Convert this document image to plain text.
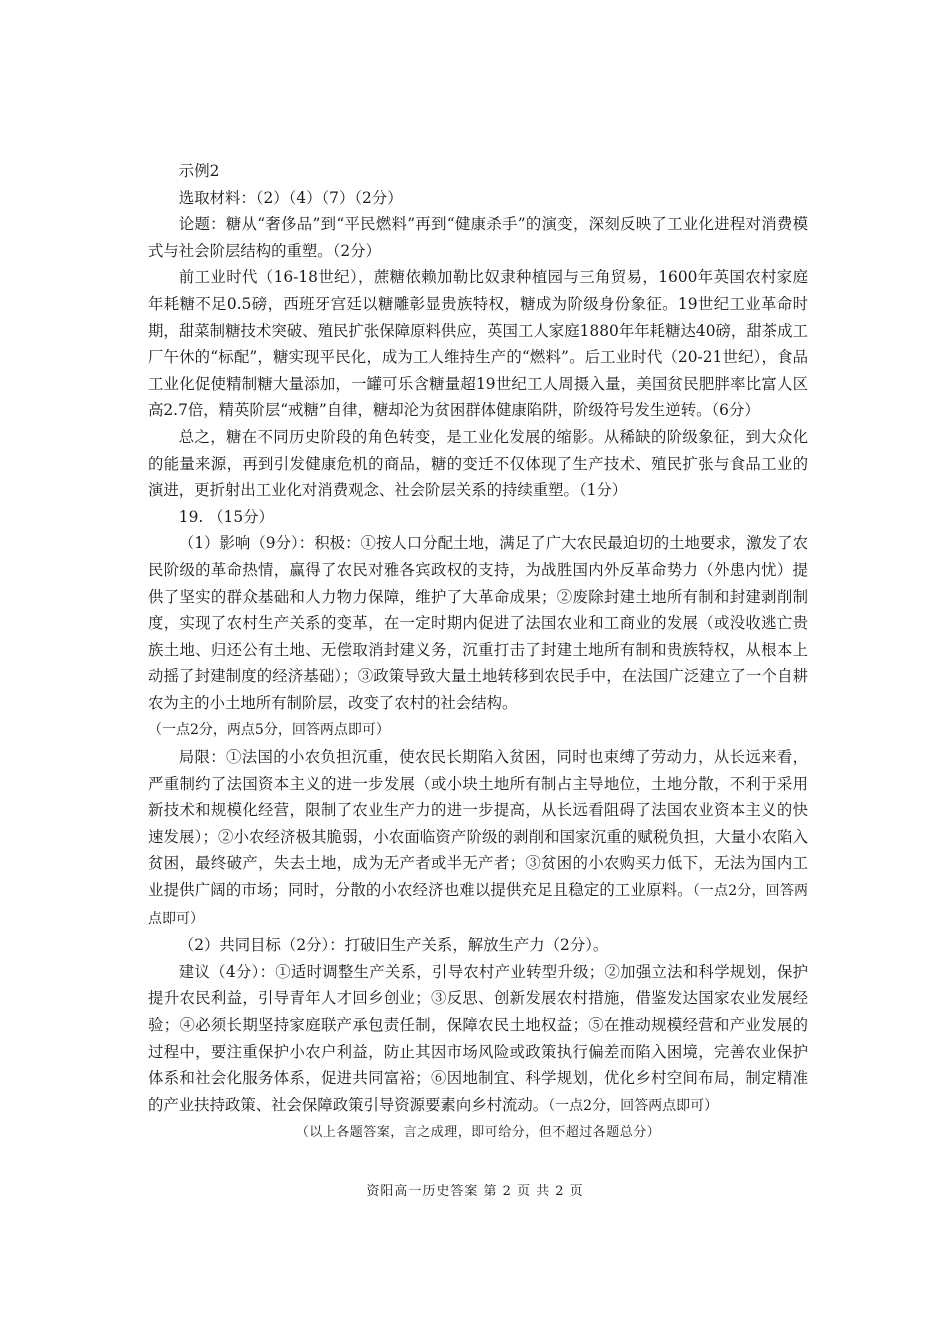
示例2

选取材料：（2）（4）（7）（2分）

论题：糖从“奢侈品”到“平民燃料”再到“健康杀手”的演变，深刻反映了工业化进程对消费模式与社会阶层结构的重塑。（2分）

前工业时代（16-18世纪），蔗糖依赖加勒比奴隶种植园与三角贸易，1600年英国农村家庭年耗糖不足0.5磅，西班牙宫廷以糖雕彰显贵族特权，糖成为阶级身份象征。19世纪工业革命时期，甜菜制糖技术突破、殖民扩张保障原料供应，英国工人家庭1880年年耗糖达40磅，甜茶成工厂午休的“标配”，糖实现平民化，成为工人维持生产的“燃料”。后工业时代（20-21世纪），食品工业化促使精制糖大量添加，一罐可乐含糖量超19世纪工人周摄入量，美国贫民肥胖率比富人区高2.7倍，精英阶层“戒糖”自律，糖却沦为贫困群体健康陷阱，阶级符号发生逆转。（6分）

总之，糖在不同历史阶段的角色转变，是工业化发展的缩影。从稀缺的阶级象征，到大众化的能量来源，再到引发健康危机的商品，糖的变迁不仅体现了生产技术、殖民扩张与食品工业的演进，更折射出工业化对消费观念、社会阶层关系的持续重塑。（1分）

19. （15分）

（1）影响（9分）：积极：①按人口分配土地，满足了广大农民最迫切的土地要求，激发了农民阶级的革命热情，赢得了农民对雅各宾政权的支持，为战胜国内外反革命势力（外患内忧）提供了坚实的群众基础和人力物力保障，维护了大革命成果；②废除封建土地所有制和封建剥削制度，实现了农村生产关系的变革，在一定时期内促进了法国农业和工商业的发展（或没收逃亡贵族土地、归还公有土地、无偿取消封建义务，沉重打击了封建土地所有制和贵族特权，从根本上动摇了封建制度的经济基础）；③政策导致大量土地转移到农民手中，在法国广泛建立了一个自耕农为主的小土地所有制阶层，改变了农村的社会结构。
（一点2分，两点5分，回答两点即可）

局限：①法国的小农负担沉重，使农民长期陷入贫困，同时也束缚了劳动力，从长远来看，严重制约了法国资本主义的进一步发展（或小块土地所有制占主导地位，土地分散，不利于采用新技术和规模化经营，限制了农业生产力的进一步提高，从长远看阻碍了法国农业资本主义的快速发展）；②小农经济极其脆弱，小农面临资产阶级的剥削和国家沉重的赋税负担，大量小农陷入贫困，最终破产，失去土地，成为无产者或半无产者；③贫困的小农购买力低下，无法为国内工业提供广阔的市场；同时，分散的小农经济也难以提供充足且稳定的工业原料。（一点2分，回答两点即可）

（2）共同目标（2分）：打破旧生产关系，解放生产力（2分）。

建议（4分）：①适时调整生产关系，引导农村产业转型升级；②加强立法和科学规划，保护提升农民利益，引导青年人才回乡创业；③反思、创新发展农村措施，借鉴发达国家农业发展经验；④必须长期坚持家庭联产承包责任制，保障农民土地权益；⑤在推动规模经营和产业发展的过程中，要注重保护小农户利益，防止其因市场风险或政策执行偏差而陷入困境，完善农业保护体系和社会化服务体系，促进共同富裕；⑥因地制宜、科学规划，优化乡村空间布局，制定精准的产业扶持政策、社会保障政策引导资源要素向乡村流动。（一点2分，回答两点即可）

（以上各题答案，言之成理，即可给分，但不超过各题总分）

资阳高一历史答案 第 2 页 共 2 页
